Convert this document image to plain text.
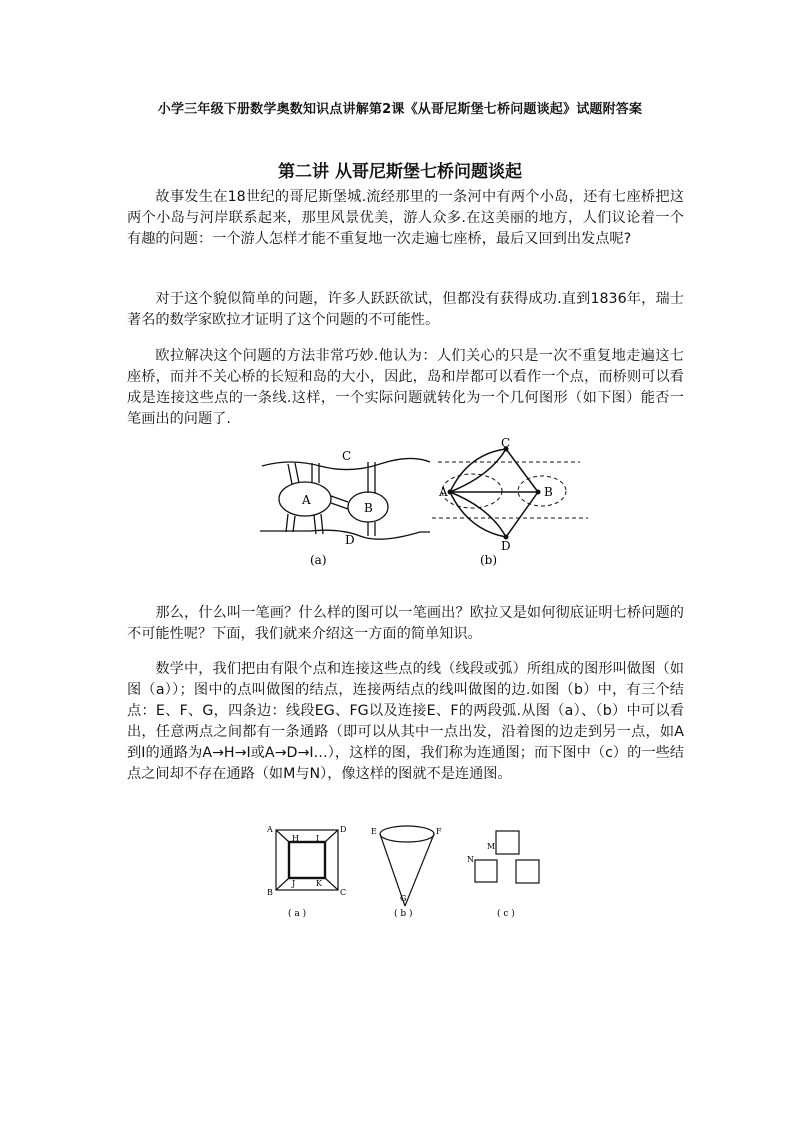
小学三年级下册数学奥数知识点讲解第2课《从哥尼斯堡七桥问题谈起》试题附答案
第二讲 从哥尼斯堡七桥问题谈起

故事发生在18世纪的哥尼斯堡城.流经那里的一条河中有两个小岛，还有七座桥把这两个小岛与河岸联系起来，那里风景优美，游人众多.在这美丽的地方，人们议论着一个有趣的问题：一个游人怎样才能不重复地一次走遍七座桥，最后又回到出发点呢?

对于这个貌似简单的问题，许多人跃跃欲试，但都没有获得成功.直到1836年，瑞士著名的数学家欧拉才证明了这个问题的不可能性。

欧拉解决这个问题的方法非常巧妙.他认为：人们关心的只是一次不重复地走遍这七座桥，而并不关心桥的长短和岛的大小，因此，岛和岸都可以看作一个点，而桥则可以看成是连接这些点的一条线.这样，一个实际问题就转化为一个几何图形（如下图）能否一笔画出的问题了.

A
B
C
D
(a)
A	B
C
D
(b)

那么，什么叫一笔画？什么样的图可以一笔画出？欧拉又是如何彻底证明七桥问题的不可能性呢？下面，我们就来介绍这一方面的简单知识。

数学中，我们把由有限个点和连接这些点的线（线段或弧）所组成的图形叫做图（如图（a））；图中的点叫做图的结点，连接两结点的线叫做图的边.如图（b）中，有三个结点：E、F、G，四条边：线段EG、FG以及连接E、F的两段弧.从图（a）、（b）中可以看出，任意两点之间都有一条通路（即可以从其中一点出发，沿着图的边走到另一点，如A到I的通路为A→H→I或A→D→I…），这样的图，我们称为连通图；而下图中（c）的一些结点之间却不存在通路（如M与N），像这样的图就不是连通图。

A
B	C
D
H I
J	K
( a )
E	F
G
( b )
M
N
( c )
